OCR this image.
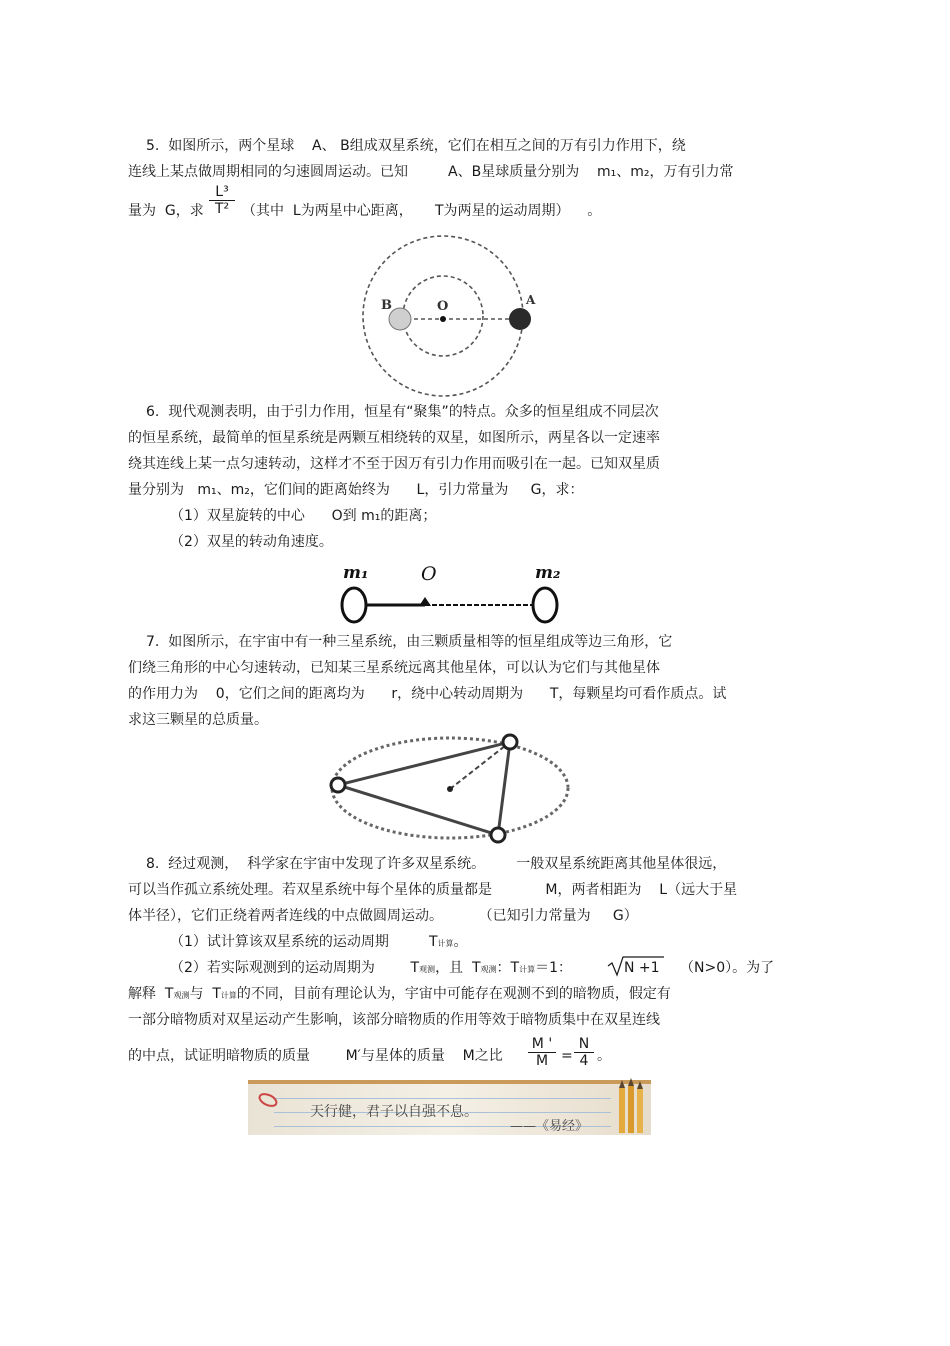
5.  如图所示，两个星球    A、 B组成双星系统，它们在相互之间的万有引力作用下，绕
连线上某点做周期相同的匀速圆周运动。已知         A、B星球质量分别为    m₁、m₂，万有引力常
量为  G，求 $\frac{\text{L³}}{\text{T²}}$ （其中  L为两星中心距离，     T为两星的运动周期）    。
B	O	A
m₁	O	m₂
6.  现代观测表明，由于引力作用，恒星有“聚集”的特点。众多的恒星组成不同层次
的恒星系统，最简单的恒星系统是两颗互相绕转的双星，如图所示，两星各以一定速率
绕其连线上某一点匀速转动，这样才不至于因万有引力作用而吸引在一起。已知双星质
量分别为   m₁、m₂，它们间的距离始终为      L，引力常量为     G，求：
（1）双星旋转的中心      O到 m₁的距离；
（2）双星的转动角速度。
7.  如图所示，在宇宙中有一种三星系统，由三颗质量相等的恒星组成等边三角形，它
们绕三角形的中心匀速转动，已知某三星系统远离其他星体，可以认为它们与其他星体
的作用力为    0，它们之间的距离均为      r，绕中心转动周期为      T，每颗星均可看作质点。试
求这三颗星的总质量。
8.  经过观测，  科学家在宇宙中发现了许多双星系统。       一般双星系统距离其他星体很远，
可以当作孤立系统处理。若双星系统中每个星体的质量都是            M，两者相距为    L（远大于星
体半径），它们正绕着两者连线的中点做圆周运动。        （已知引力常量为     G）
（1）试计算该双星系统的运动周期         T计算。
（2）若实际观测到的运动周期为        T观测，且  T观测：T计算＝1：	N +1 （N>0）。为了
解释  T观测与  T计算的不同，目前有理论认为，宇宙中可能存在观测不到的暗物质，假定有
一部分暗物质对双星运动产生影响，该部分暗物质的作用等效于暗物质集中在双星连线
的中点，试证明暗物质的质量        M′与星体的质量    M之比 $\frac{M '}{M} = \frac{N}{4}$ 。
天行健，君子以自强不息。
——《易经》
